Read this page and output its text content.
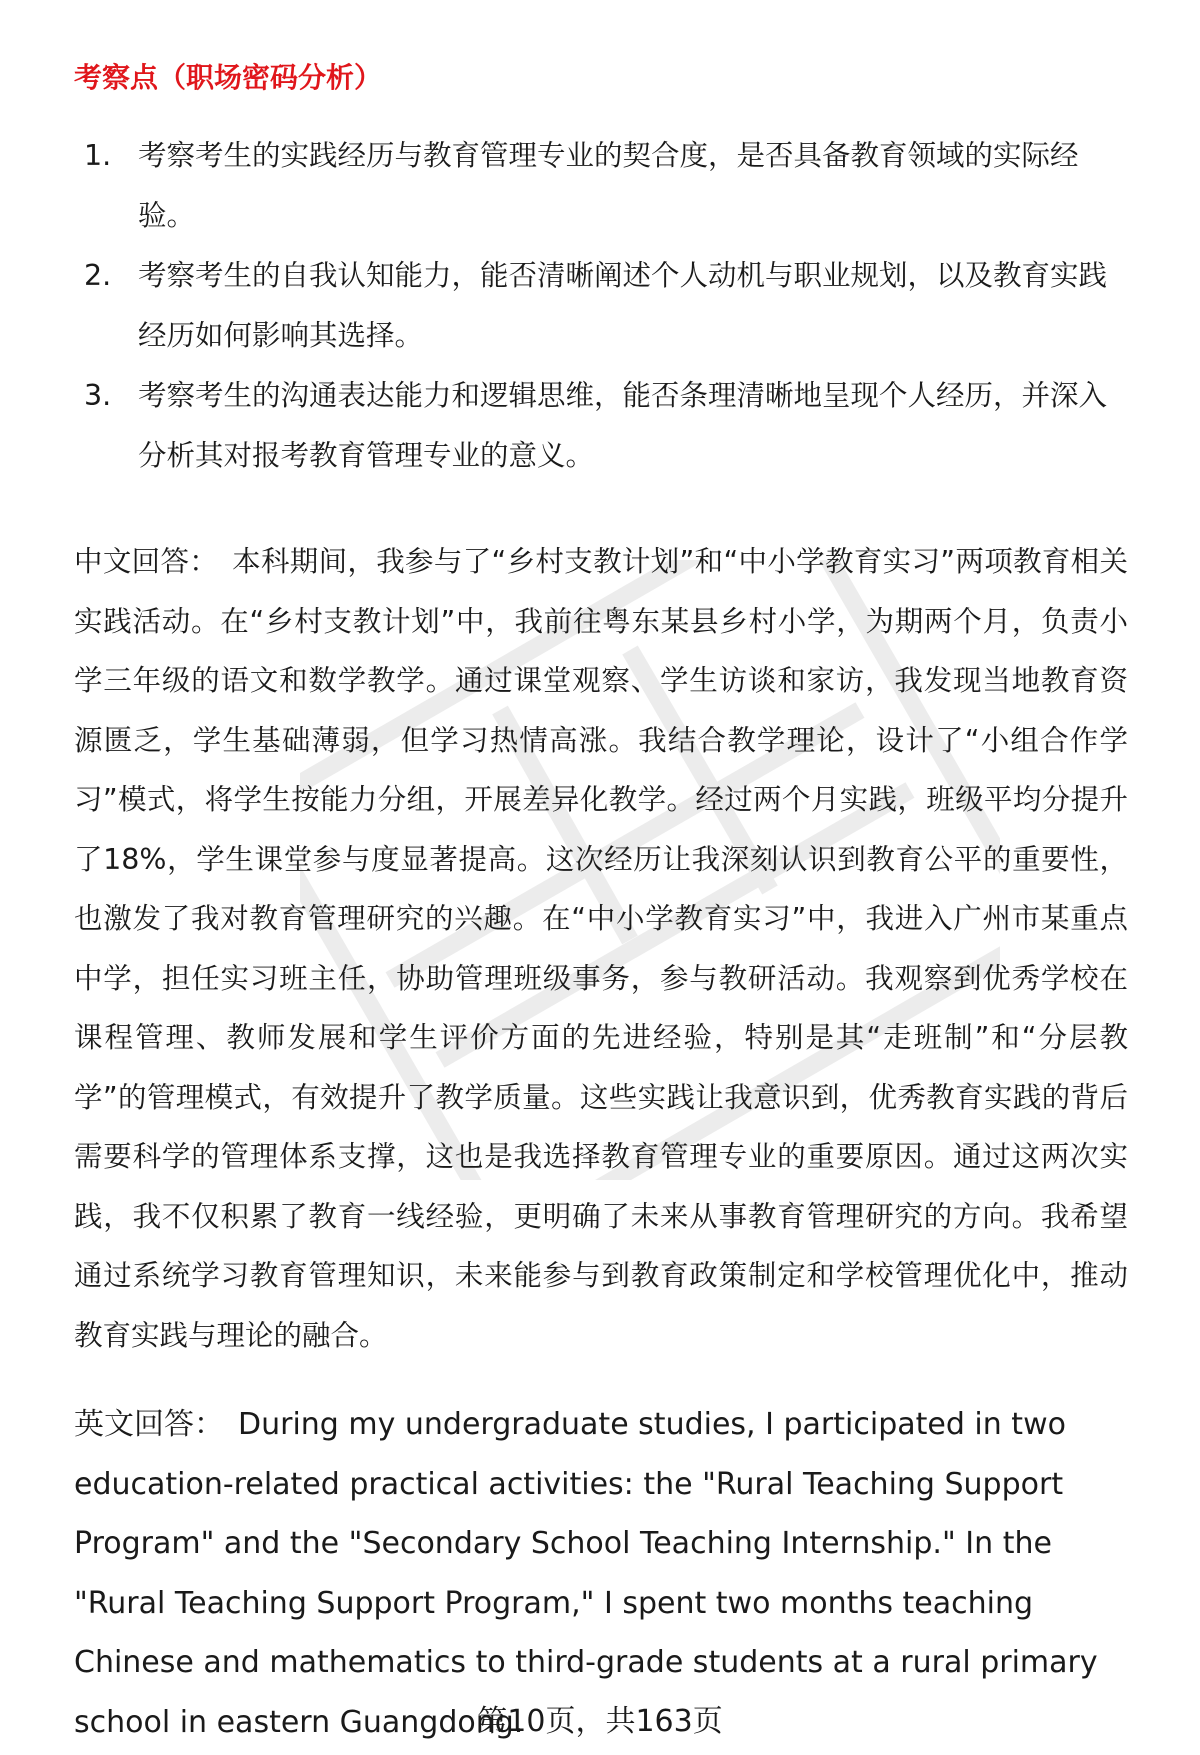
考察点（职场密码分析）
1. 考察考生的实践经历与教育管理专业的契合度，是否具备教育领域的实际经验。
2. 考察考生的自我认知能力，能否清晰阐述个人动机与职业规划，以及教育实践经历如何影响其选择。
3. 考察考生的沟通表达能力和逻辑思维，能否条理清晰地呈现个人经历，并深入分析其对报考教育管理专业的意义。

中文回答： 本科期间，我参与了“乡村支教计划”和“中小学教育实习”两项教育相关实践活动。在“乡村支教计划”中，我前往粤东某县乡村小学，为期两个月，负责小学三年级的语文和数学教学。通过课堂观察、学生访谈和家访，我发现当地教育资源匮乏，学生基础薄弱，但学习热情高涨。我结合教学理论，设计了“小组合作学习”模式，将学生按能力分组，开展差异化教学。经过两个月实践，班级平均分提升了18%，学生课堂参与度显著提高。这次经历让我深刻认识到教育公平的重要性，也激发了我对教育管理研究的兴趣。在“中小学教育实习”中，我进入广州市某重点中学，担任实习班主任，协助管理班级事务，参与教研活动。我观察到优秀学校在课程管理、教师发展和学生评价方面的先进经验，特别是其“走班制”和“分层教学”的管理模式，有效提升了教学质量。这些实践让我意识到，优秀教育实践的背后需要科学的管理体系支撑，这也是我选择教育管理专业的重要原因。通过这两次实践，我不仅积累了教育一线经验，更明确了未来从事教育管理研究的方向。我希望通过系统学习教育管理知识，未来能参与到教育政策制定和学校管理优化中，推动教育实践与理论的融合。

英文回答： During my undergraduate studies, I participated in two education-related practical activities: the "Rural Teaching Support Program" and the "Secondary School Teaching Internship." In the "Rural Teaching Support Program," I spent two months teaching Chinese and mathematics to third-grade students at a rural primary school in eastern Guangdong.

第10页，共163页
